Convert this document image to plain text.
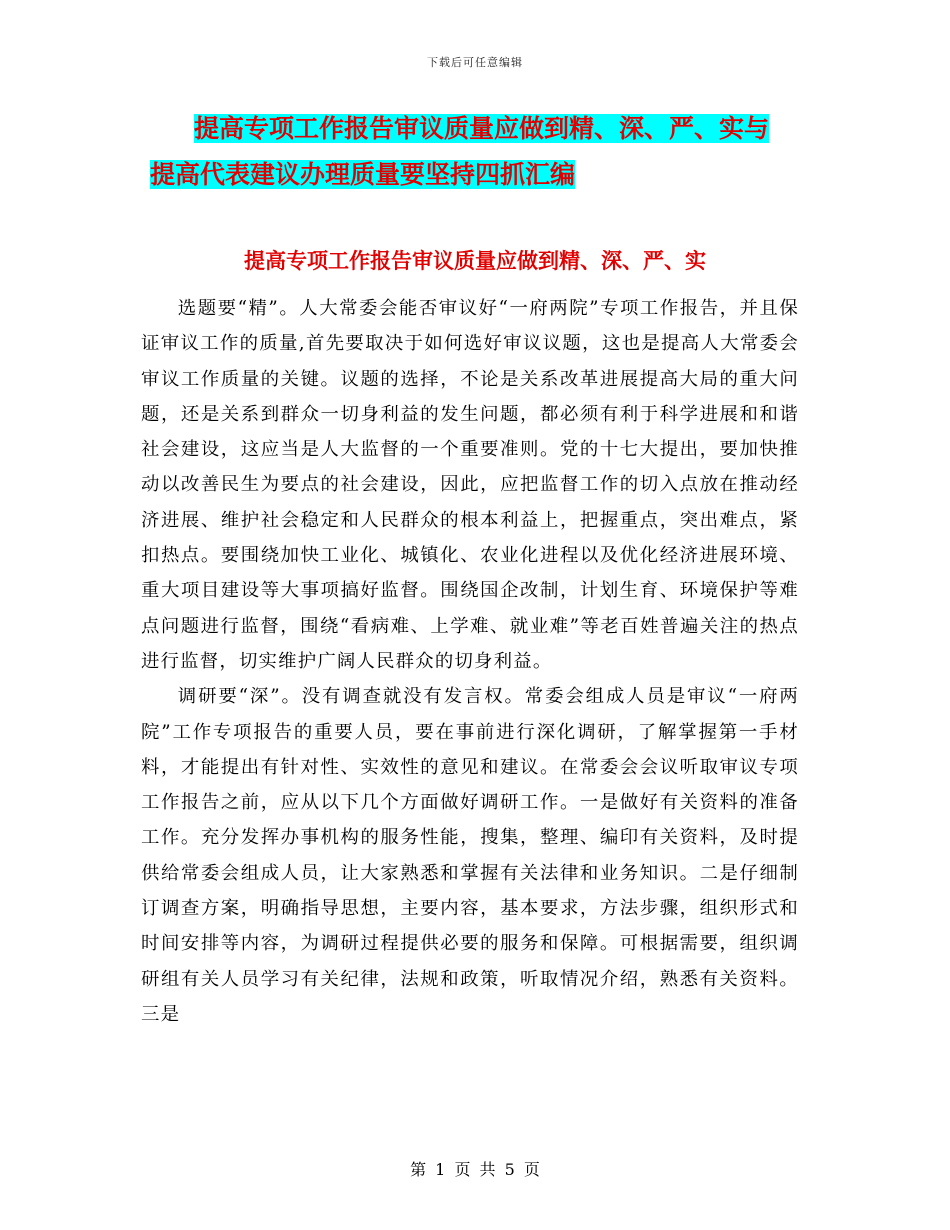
下载后可任意编辑
提高专项工作报告审议质量应做到精、深、严、实与
提高代表建议办理质量要坚持四抓汇编
提高专项工作报告审议质量应做到精、深、严、实

选题要“精”。人大常委会能否审议好“一府两院”专项工作报告，并且保证审议工作的质量,首先要取决于如何选好审议议题，这也是提高人大常委会审议工作质量的关键。议题的选择，不论是关系改革进展提高大局的重大问题，还是关系到群众一切身利益的发生问题，都必须有利于科学进展和和谐社会建设，这应当是人大监督的一个重要准则。党的十七大提出，要加快推动以改善民生为要点的社会建设，因此，应把监督工作的切入点放在推动经济进展、维护社会稳定和人民群众的根本利益上，把握重点，突出难点，紧扣热点。要围绕加快工业化、城镇化、农业化进程以及优化经济进展环境、重大项目建设等大事项搞好监督。围绕国企改制，计划生育、环境保护等难点问题进行监督，围绕“看病难、上学难、就业难”等老百姓普遍关注的热点进行监督，切实维护广阔人民群众的切身利益。

调研要“深”。没有调查就没有发言权。常委会组成人员是审议“一府两院”工作专项报告的重要人员，要在事前进行深化调研，了解掌握第一手材料，才能提出有针对性、实效性的意见和建议。在常委会会议听取审议专项工作报告之前，应从以下几个方面做好调研工作。一是做好有关资料的准备工作。充分发挥办事机构的服务性能，搜集，整理、编印有关资料，及时提供给常委会组成人员，让大家熟悉和掌握有关法律和业务知识。二是仔细制订调查方案，明确指导思想，主要内容，基本要求，方法步骤，组织形式和时间安排等内容，为调研过程提供必要的服务和保障。可根据需要，组织调研组有关人员学习有关纪律，法规和政策，听取情况介绍，熟悉有关资料。三是

第 1 页 共 5 页
